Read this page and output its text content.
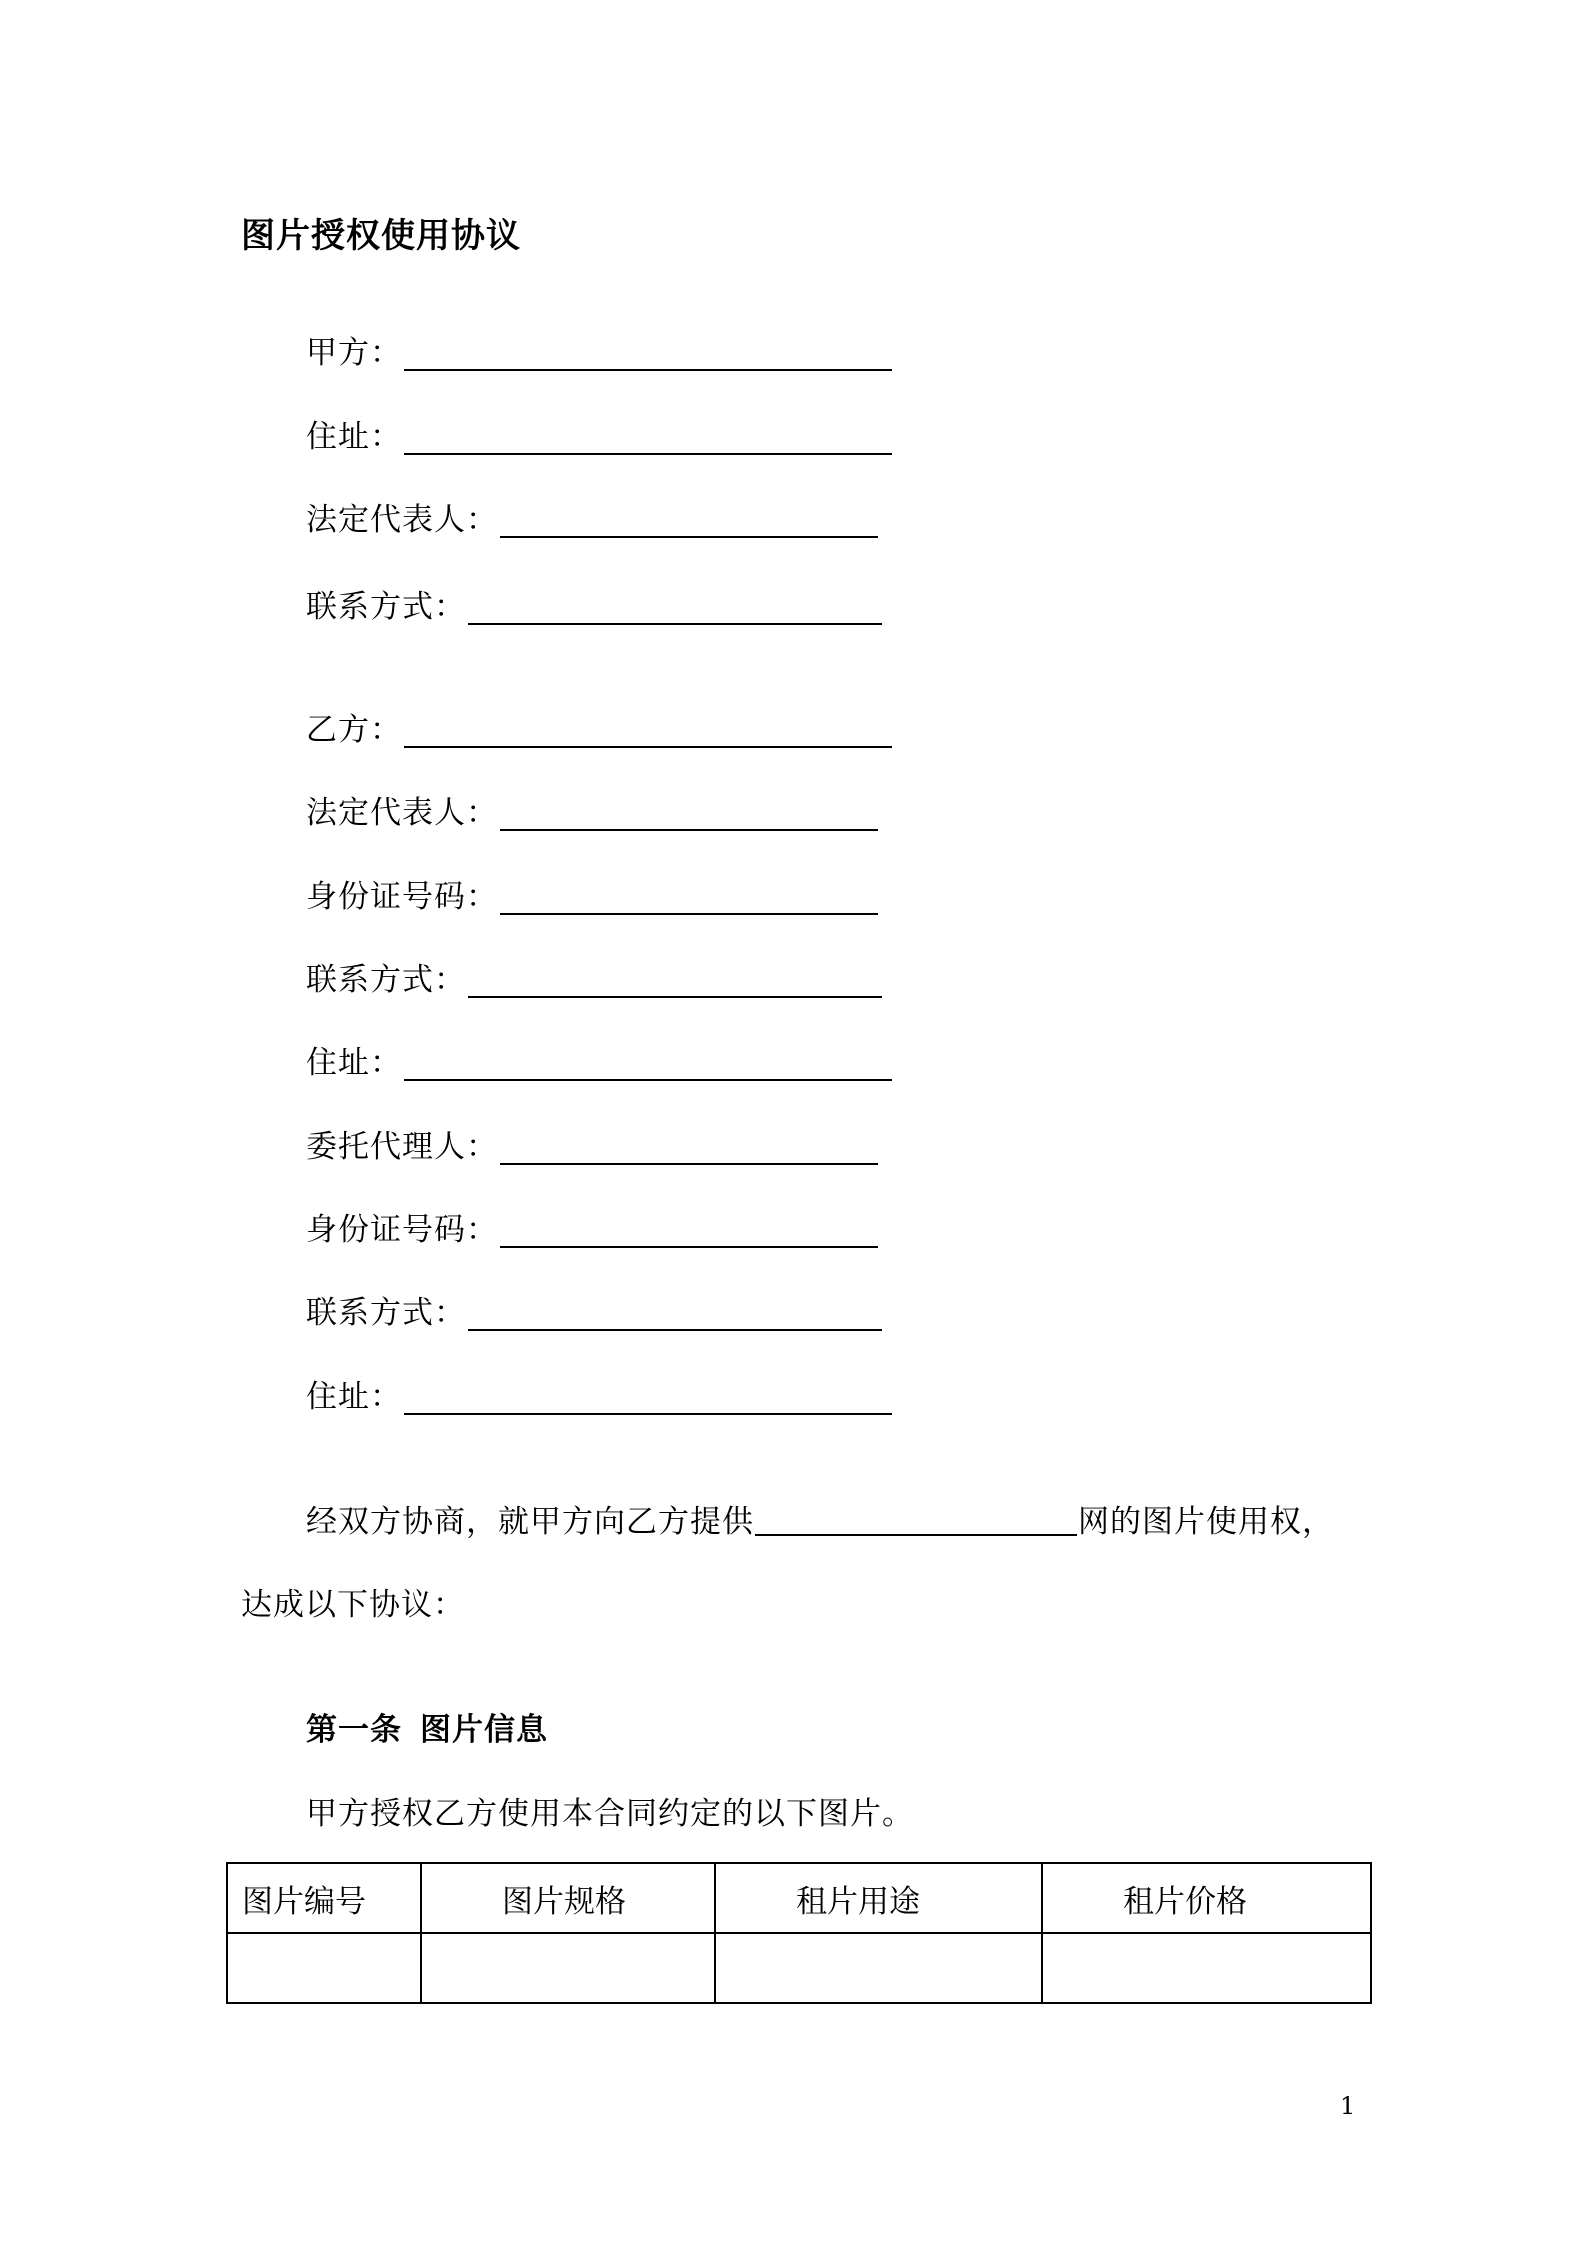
图片授权使用协议
甲方：
住址：
法定代表人：
联系方式：
乙方：
法定代表人：
身份证号码：
联系方式：
住址：
委托代理人：
身份证号码：
联系方式：
住址：
经双方协商，就甲方向乙方提供	网的图片使用权，
达成以下协议：
第一条 图片信息
甲方授权乙方使用本合同约定的以下图片。
图片编号	图片规格	租片用途	租片价格

1
